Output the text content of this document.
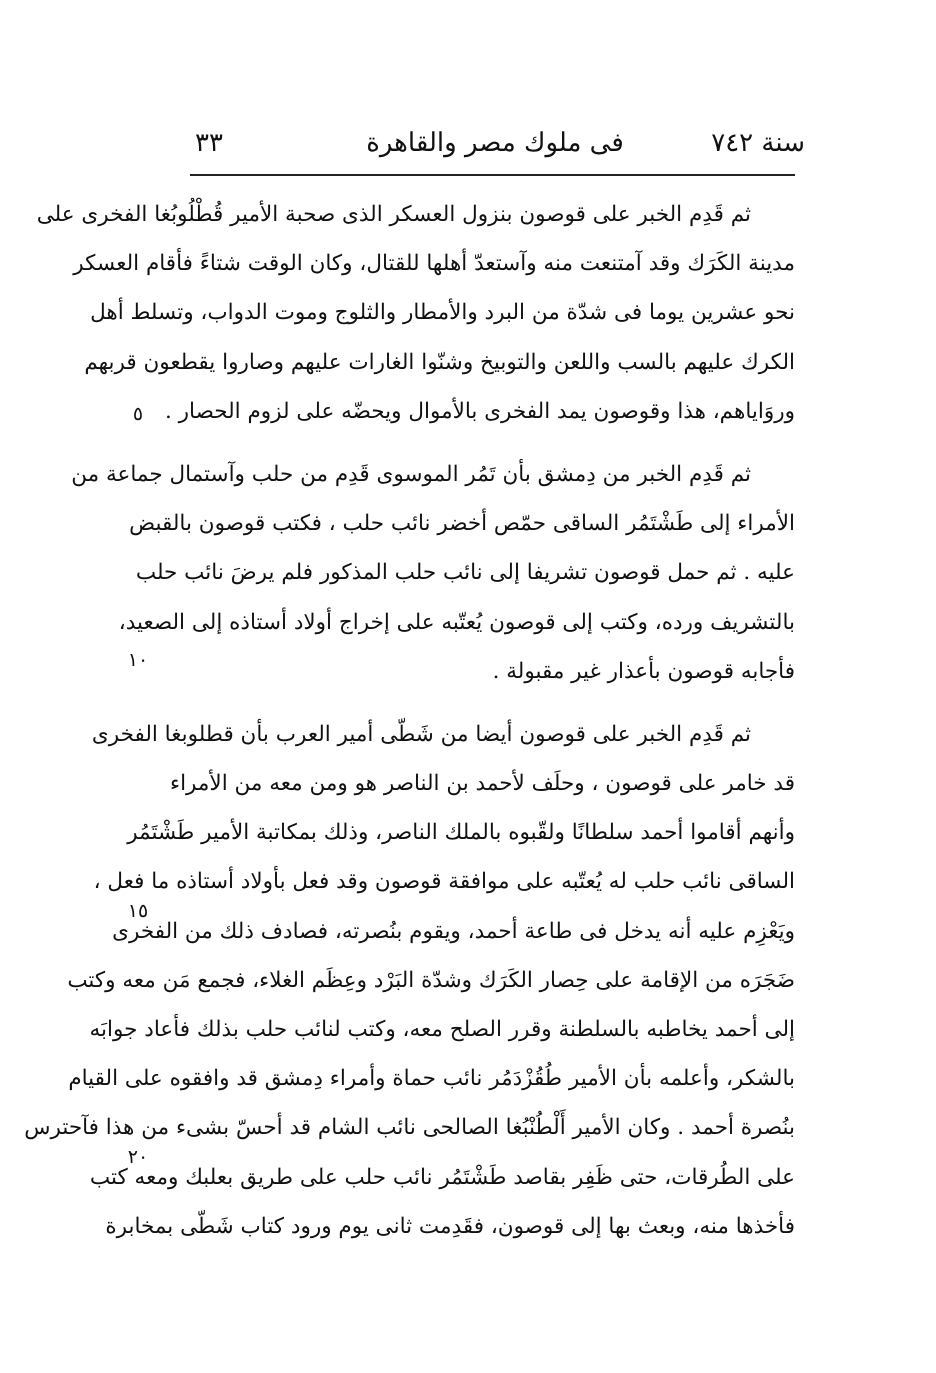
سنة ٧٤٢
فى ملوك مصر والقاهرة
٣٣
ثم قَدِم الخبر على قوصون بنزول العسكر الذى صحبة الأمير قُطْلُوبُغا الفخرى على
مدينة الكَرَك وقد آمتنعت منه وآستعدّ أهلها للقتال، وكان الوقت شتاءً فأقام العسكر
نحو عشرين يوما فى شدّة من البرد والأمطار والثلوج وموت الدواب، وتسلط أهل
الكرك عليهم بالسب واللعن والتوبيخ وشنّوا الغارات عليهم وصاروا يقطعون قربهم
وروَاياهم، هذا وقوصون يمد الفخرى بالأموال ويحضّه على لزوم الحصار .
ثم قَدِم الخبر من دِمشق بأن تَمُر الموسوى قَدِم من حلب وآستمال جماعة من
الأمراء إلى طَشْتَمُر الساقى حمّص أخضر نائب حلب ، فكتب قوصون بالقبض
عليه . ثم حمل قوصون تشريفا إلى نائب حلب المذكور فلم يرضَ نائب حلب
بالتشريف ورده، وكتب إلى قوصون يُعتّبه على إخراج أولاد أستاذه إلى الصعيد،
فأجابه قوصون بأعذار غير مقبولة .
ثم قَدِم الخبر على قوصون أيضا من شَطّى أمير العرب بأن قطلوبغا الفخرى
قد خامر على قوصون ، وحلَف لأحمد بن الناصر هو ومن معه من الأمراء
وأنهم أقاموا أحمد سلطانًا ولقّبوه بالملك الناصر، وذلك بمكاتبة الأمير طَشْتَمُر
الساقى نائب حلب له يُعتّبه على موافقة قوصون وقد فعل بأولاد أستاذه ما فعل ،
ويَعْزِم عليه أنه يدخل فى طاعة أحمد، ويقوم بنُصرته، فصادف ذلك من الفخرى
ضَجَرَه من الإقامة على حِصار الكَرَك وشدّة البَرْد وعِظَم الغلاء، فجمع مَن معه وكتب
إلى أحمد يخاطبه بالسلطنة وقرر الصلح معه، وكتب لنائب حلب بذلك فأعاد جوابَه
بالشكر، وأعلمه بأن الأمير طُقُزْدَمُر نائب حماة وأمراء دِمشق قد وافقوه على القيام
بنُصرة أحمد . وكان الأمير أَلْطُنْبُغا الصالحى نائب الشام قد أحسّ بشىء من هذا فآحترس
على الطُرقات، حتى ظَفِر بقاصد طَشْتَمُر نائب حلب على طريق بعلبك ومعه كتب
فأخذها منه، وبعث بها إلى قوصون، فقَدِمت ثانى يوم ورود كتاب شَطّى بمخابرة
٥
١٠
١٥
٢٠
